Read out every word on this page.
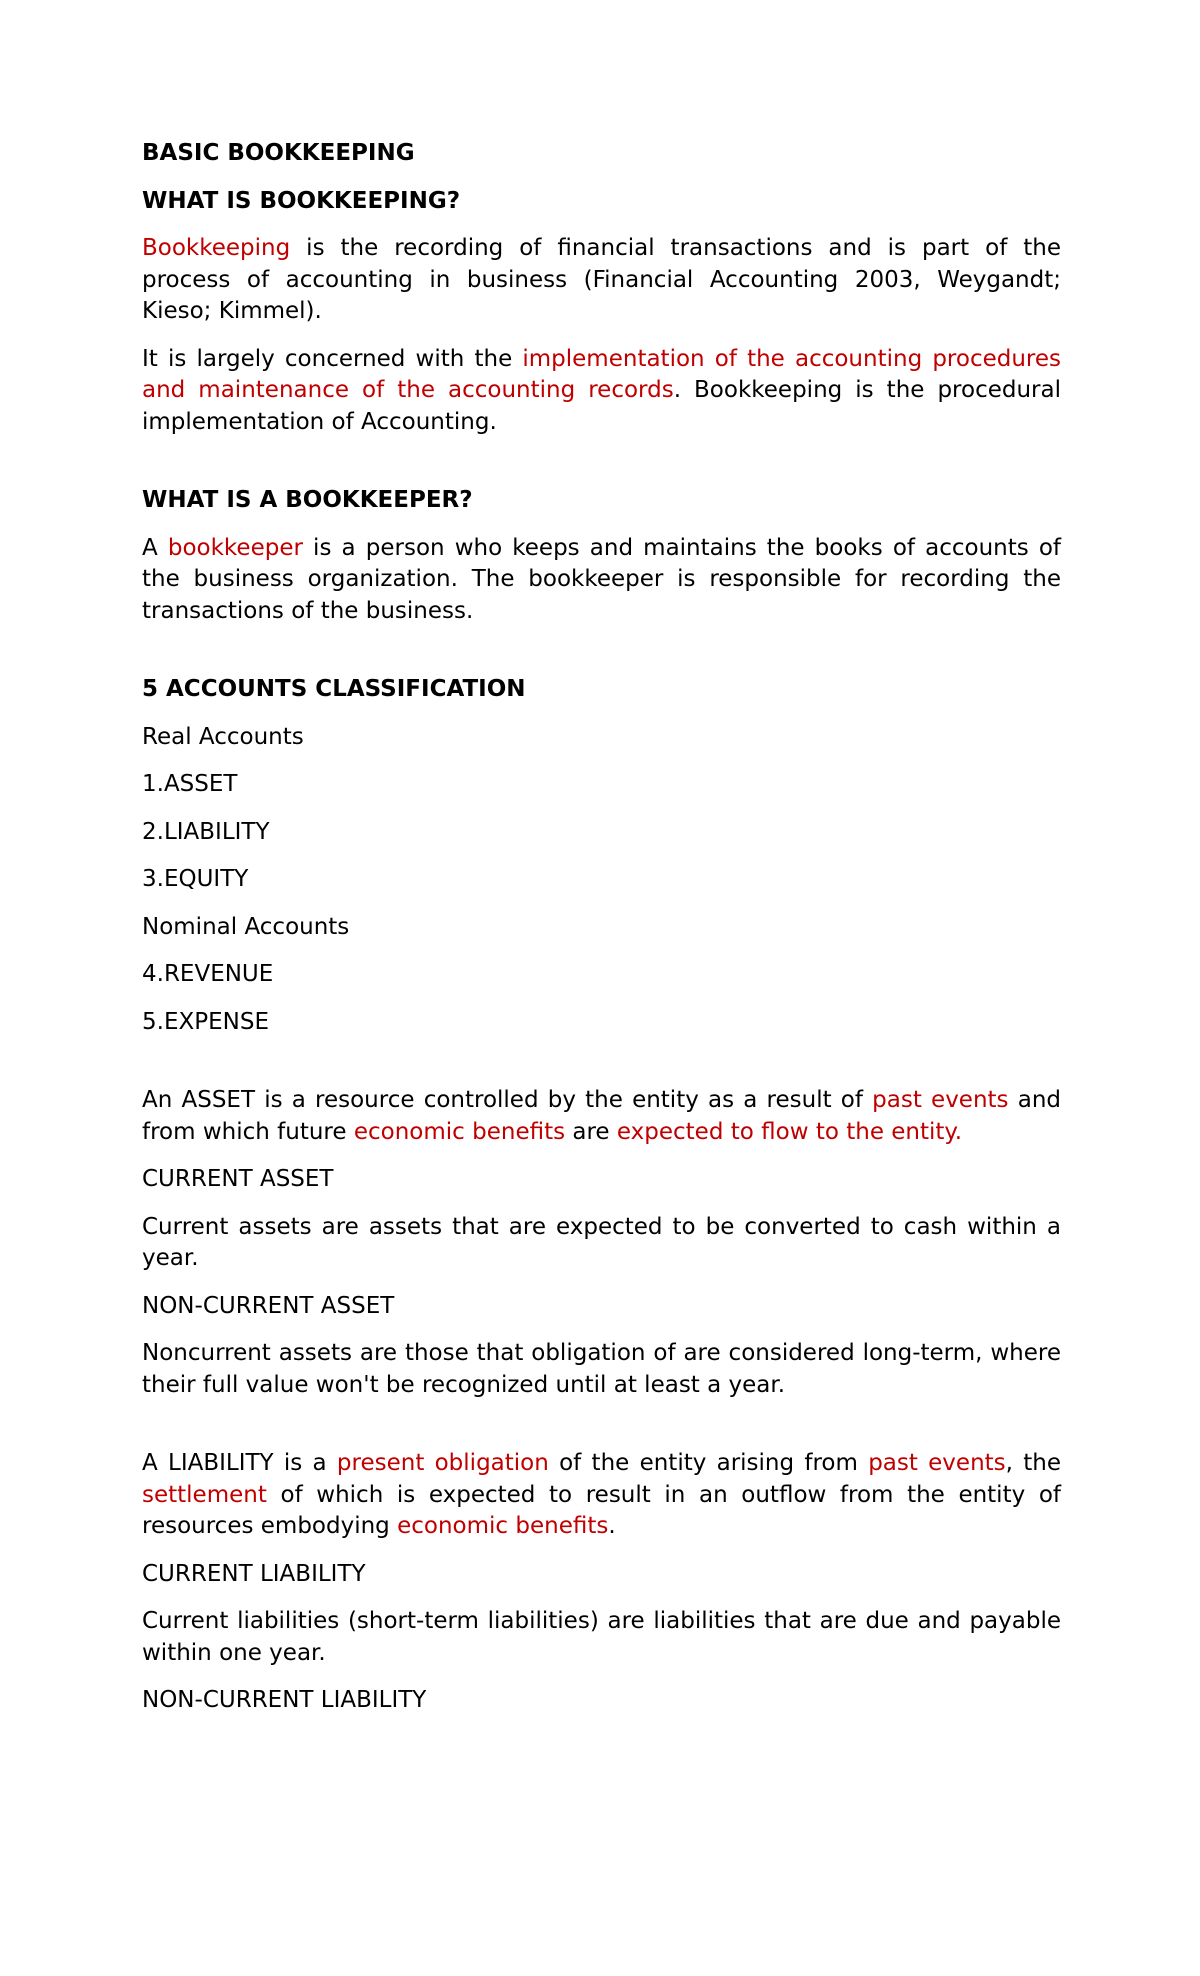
BASIC BOOKKEEPING
WHAT IS BOOKKEEPING?

Bookkeeping is the recording of financial transactions and is part of the process of accounting in business (Financial Accounting 2003, Weygandt; Kieso; Kimmel).

It is largely concerned with the implementation of the accounting procedures and maintenance of the accounting records. Bookkeeping is the procedural implementation of Accounting.

WHAT IS A BOOKKEEPER?

A bookkeeper is a person who keeps and maintains the books of accounts of the business organization. The bookkeeper is responsible for recording the transactions of the business.

5 ACCOUNTS CLASSIFICATION

Real Accounts

1.ASSET

2.LIABILITY

3.EQUITY

Nominal Accounts

4.REVENUE

5.EXPENSE

An ASSET is a resource controlled by the entity as a result of past events and from which future economic benefits are expected to flow to the entity.

CURRENT ASSET

Current assets are assets that are expected to be converted to cash within a year.

NON-CURRENT ASSET

Noncurrent assets are those that obligation of are considered long-term, where their full value won't be recognized until at least a year.

A LIABILITY is a present obligation of the entity arising from past events, the settlement of which is expected to result in an outflow from the entity of resources embodying economic benefits.

CURRENT LIABILITY

Current liabilities (short-term liabilities) are liabilities that are due and payable within one year.

NON-CURRENT LIABILITY
